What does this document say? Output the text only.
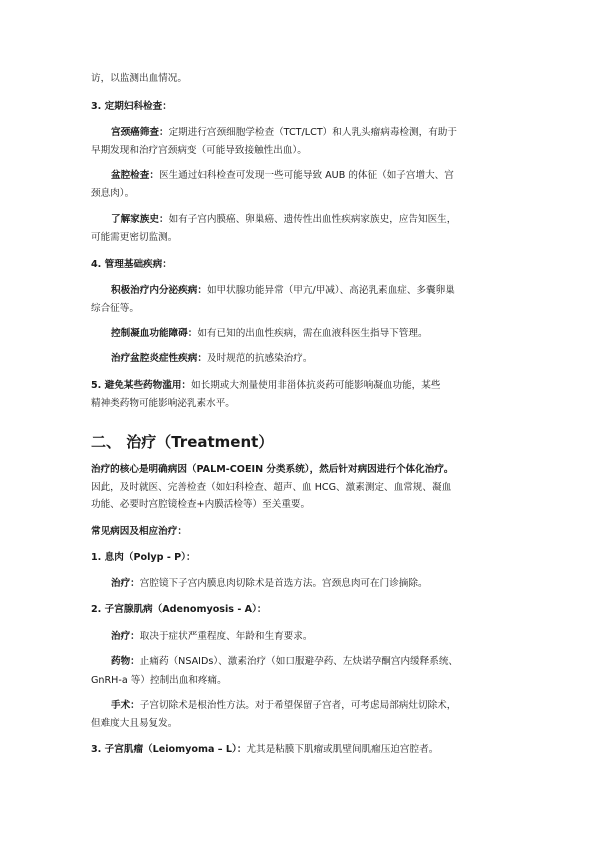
访，以监测出血情况。
3. 定期妇科检查：
宫颈癌筛查：定期进行宫颈细胞学检查（TCT/LCT）和人乳头瘤病毒检测，有助于
早期发现和治疗宫颈病变（可能导致接触性出血）。
盆腔检查：医生通过妇科检查可发现一些可能导致 AUB 的体征（如子宫增大、宫
颈息肉）。
了解家族史：如有子宫内膜癌、卵巢癌、遗传性出血性疾病家族史，应告知医生，
可能需更密切监测。
4. 管理基础疾病：
积极治疗内分泌疾病：如甲状腺功能异常（甲亢/甲减）、高泌乳素血症、多囊卵巢
综合征等。
控制凝血功能障碍：如有已知的出血性疾病，需在血液科医生指导下管理。
治疗盆腔炎症性疾病：及时规范的抗感染治疗。
5. 避免某些药物滥用：如长期或大剂量使用非甾体抗炎药可能影响凝血功能，某些
精神类药物可能影响泌乳素水平。
二、 治疗（Treatment）
治疗的核心是明确病因（PALM-COEIN 分类系统），然后针对病因进行个体化治疗。
因此，及时就医、完善检查（如妇科检查、超声、血 HCG、激素测定、血常规、凝血
功能、必要时宫腔镜检查+内膜活检等）至关重要。
常见病因及相应治疗：
1. 息肉（Polyp - P）：
治疗：宫腔镜下子宫内膜息肉切除术是首选方法。宫颈息肉可在门诊摘除。
2. 子宫腺肌病（Adenomyosis - A）：
治疗：取决于症状严重程度、年龄和生育要求。
药物：止痛药（NSAIDs）、激素治疗（如口服避孕药、左炔诺孕酮宫内缓释系统、
GnRH-a 等）控制出血和疼痛。
手术：子宫切除术是根治性方法。对于希望保留子宫者，可考虑局部病灶切除术，
但难度大且易复发。
3. 子宫肌瘤（Leiomyoma – L）：尤其是粘膜下肌瘤或肌壁间肌瘤压迫宫腔者。
